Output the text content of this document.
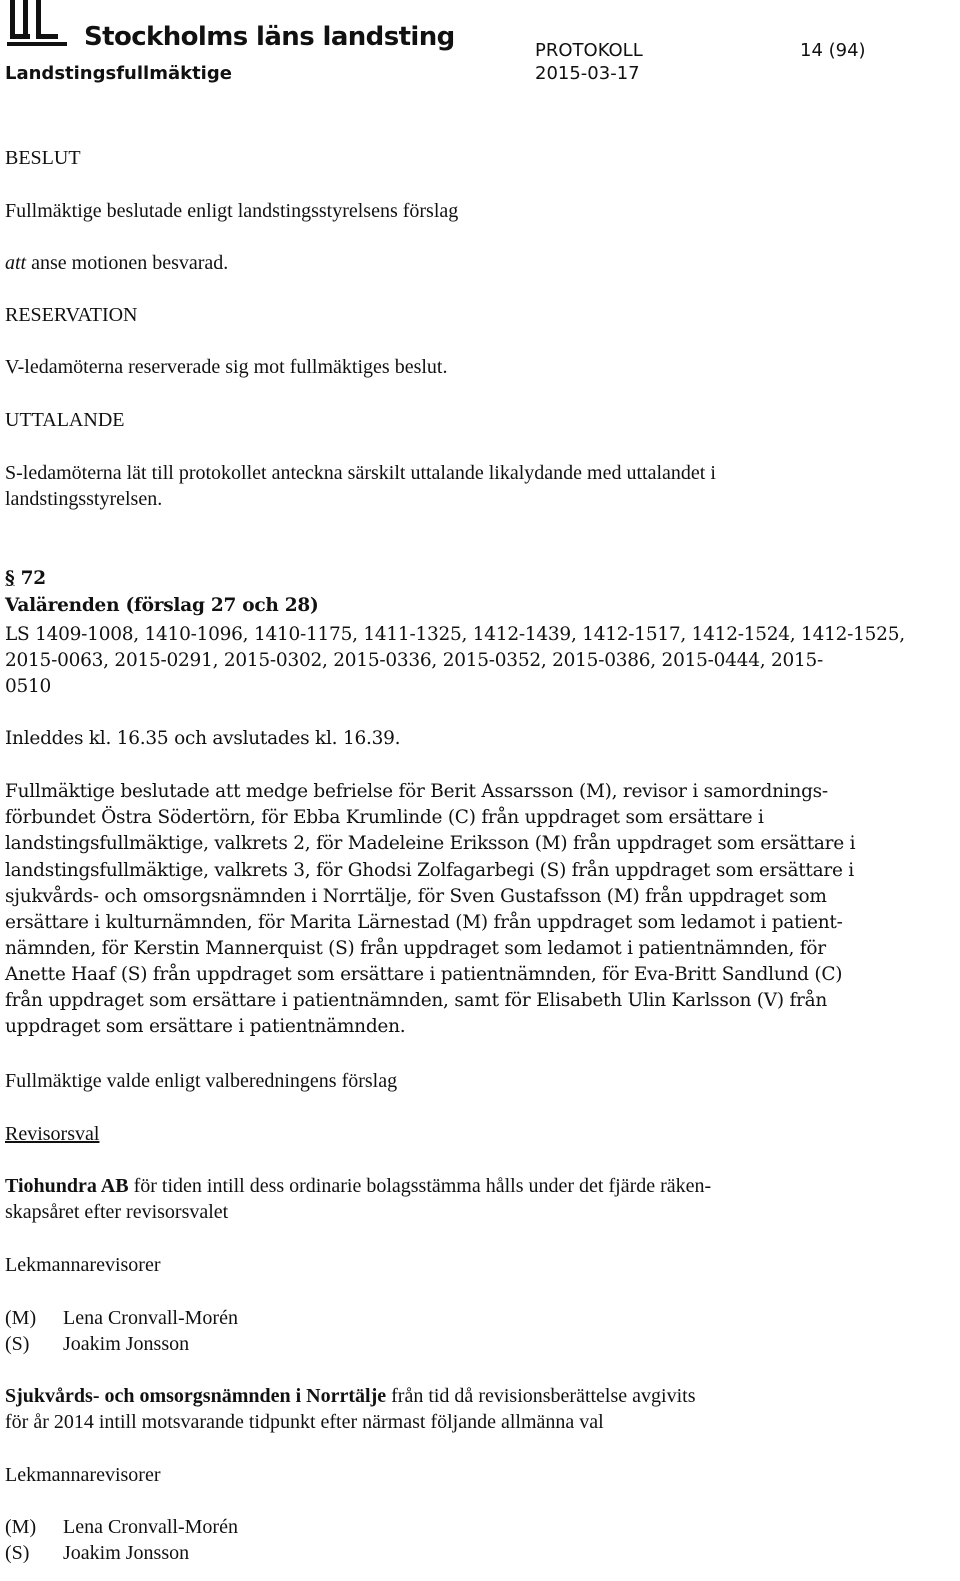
Stockholms läns landsting
Landstingsfullmäktige
PROTOKOLL	14 (94)
2015-03-17
BESLUT
Fullmäktige beslutade enligt landstingsstyrelsens förslag
att anse motionen besvarad.
RESERVATION
V-ledamöterna reserverade sig mot fullmäktiges beslut.
UTTALANDE
S-ledamöterna lät till protokollet anteckna särskilt uttalande likalydande med uttalandet i
landstingsstyrelsen.
§ 72
Valärenden (förslag 27 och 28)
LS 1409-1008, 1410-1096, 1410-1175, 1411-1325, 1412-1439, 1412-1517, 1412-1524, 1412-1525,
2015-0063, 2015-0291, 2015-0302, 2015-0336, 2015-0352, 2015-0386, 2015-0444, 2015-
0510
Inleddes kl. 16.35 och avslutades kl. 16.39.
Fullmäktige beslutade att medge befrielse för Berit Assarsson (M), revisor i samordnings-
förbundet Östra Södertörn, för Ebba Krumlinde (C) från uppdraget som ersättare i
landstingsfullmäktige, valkrets 2, för Madeleine Eriksson (M) från uppdraget som ersättare i
landstingsfullmäktige, valkrets 3, för Ghodsi Zolfagarbegi (S) från uppdraget som ersättare i
sjukvårds- och omsorgsnämnden i Norrtälje, för Sven Gustafsson (M) från uppdraget som
ersättare i kulturnämnden, för Marita Lärnestad (M) från uppdraget som ledamot i patient-
nämnden, för Kerstin Mannerquist (S) från uppdraget som ledamot i patientnämnden, för
Anette Haaf (S) från uppdraget som ersättare i patientnämnden, för Eva-Britt Sandlund (C)
från uppdraget som ersättare i patientnämnden, samt för Elisabeth Ulin Karlsson (V) från
uppdraget som ersättare i patientnämnden.
Fullmäktige valde enligt valberedningens förslag
Revisorsval
Tiohundra AB för tiden intill dess ordinarie bolagsstämma hålls under det fjärde räken-
skapsåret efter revisorsvalet
Lekmannarevisorer
(M) Lena Cronvall-Morén
(S) Joakim Jonsson
Sjukvårds- och omsorgsnämnden i Norrtälje från tid då revisionsberättelse avgivits
för år 2014 intill motsvarande tidpunkt efter närmast följande allmänna val
Lekmannarevisorer
(M) Lena Cronvall-Morén
(S) Joakim Jonsson
